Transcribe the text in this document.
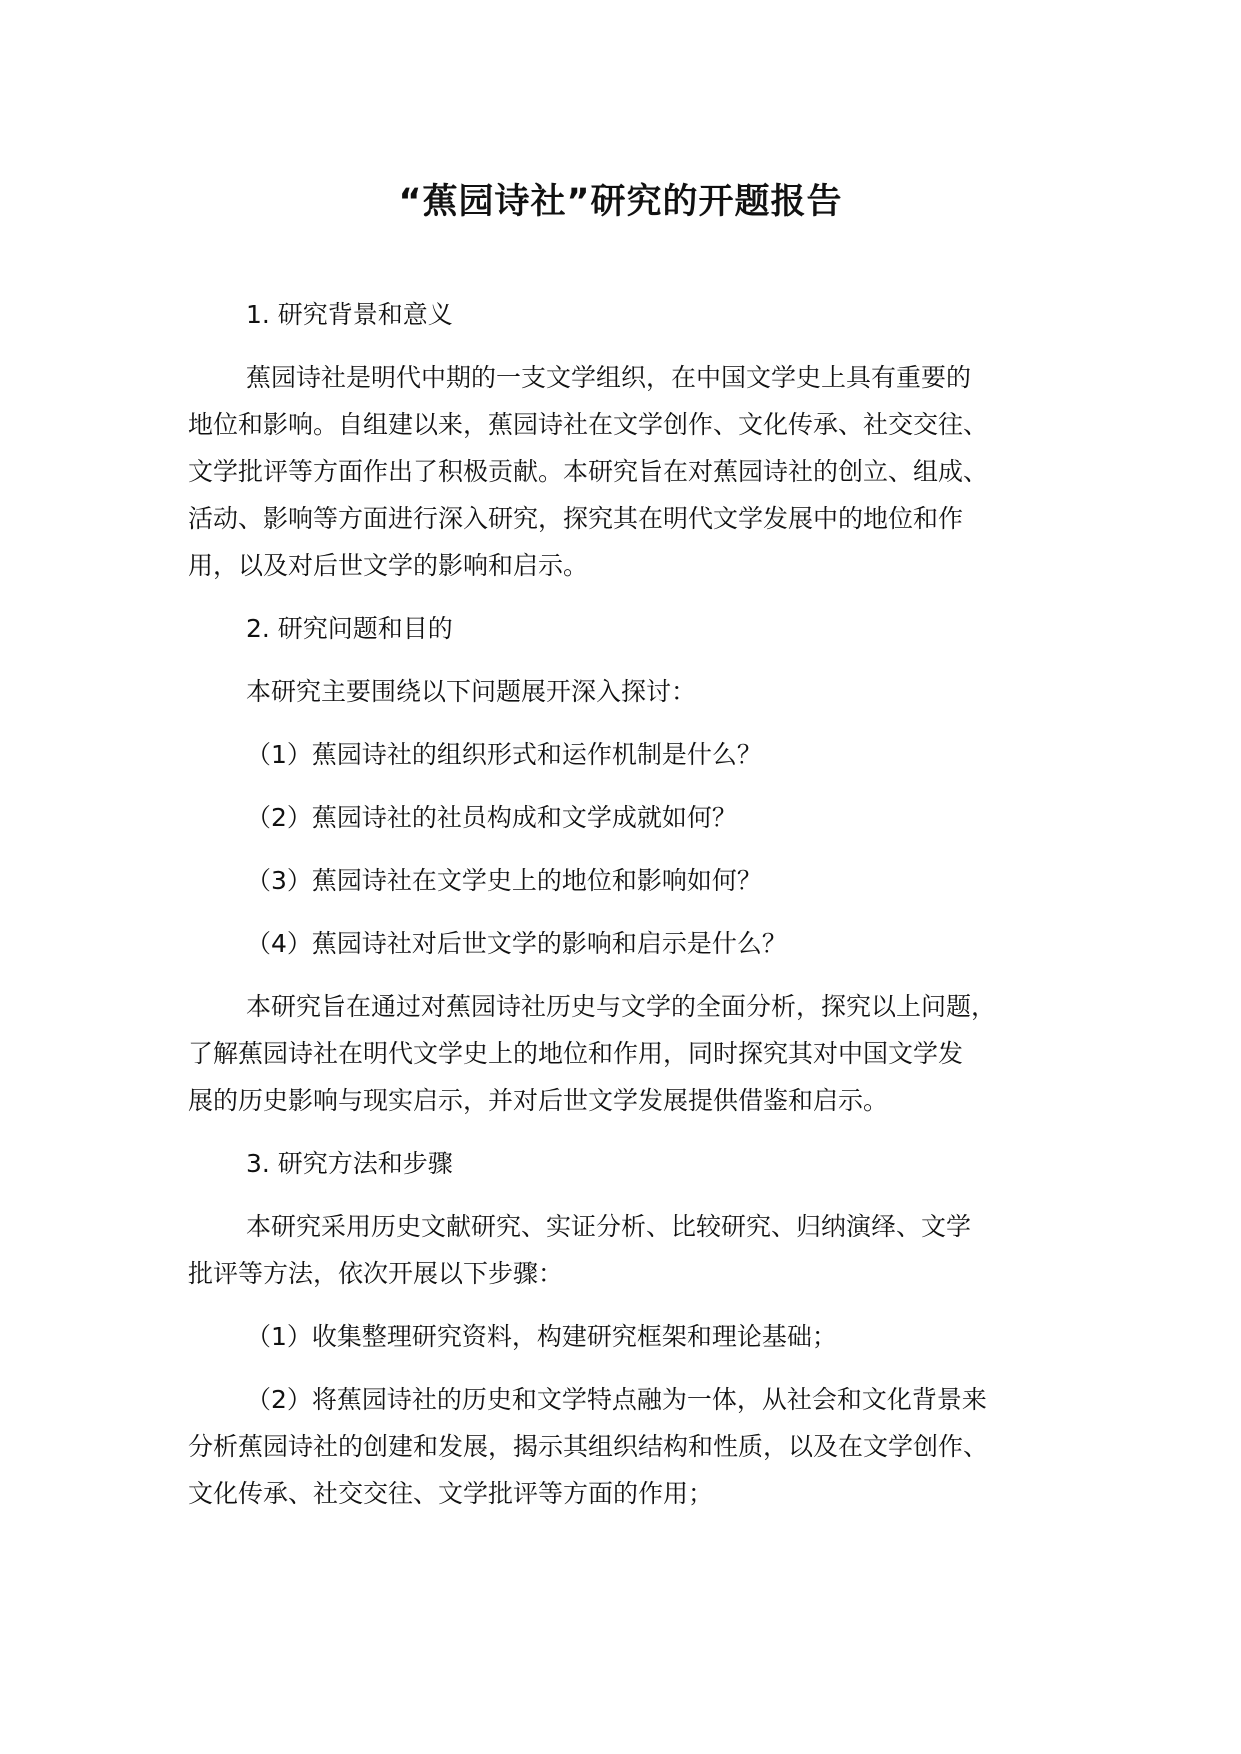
“蕉园诗社”研究的开题报告
1. 研究背景和意义
蕉园诗社是明代中期的一支文学组织，在中国文学史上具有重要的
地位和影响。自组建以来，蕉园诗社在文学创作、文化传承、社交交往、
文学批评等方面作出了积极贡献。本研究旨在对蕉园诗社的创立、组成、
活动、影响等方面进行深入研究，探究其在明代文学发展中的地位和作
用，以及对后世文学的影响和启示。
2. 研究问题和目的
本研究主要围绕以下问题展开深入探讨：
（1）蕉园诗社的组织形式和运作机制是什么？
（2）蕉园诗社的社员构成和文学成就如何？
（3）蕉园诗社在文学史上的地位和影响如何？
（4）蕉园诗社对后世文学的影响和启示是什么？
本研究旨在通过对蕉园诗社历史与文学的全面分析，探究以上问题，
了解蕉园诗社在明代文学史上的地位和作用，同时探究其对中国文学发
展的历史影响与现实启示，并对后世文学发展提供借鉴和启示。
3. 研究方法和步骤
本研究采用历史文献研究、实证分析、比较研究、归纳演绎、文学
批评等方法，依次开展以下步骤：
（1）收集整理研究资料，构建研究框架和理论基础；
（2）将蕉园诗社的历史和文学特点融为一体，从社会和文化背景来
分析蕉园诗社的创建和发展，揭示其组织结构和性质，以及在文学创作、
文化传承、社交交往、文学批评等方面的作用；
